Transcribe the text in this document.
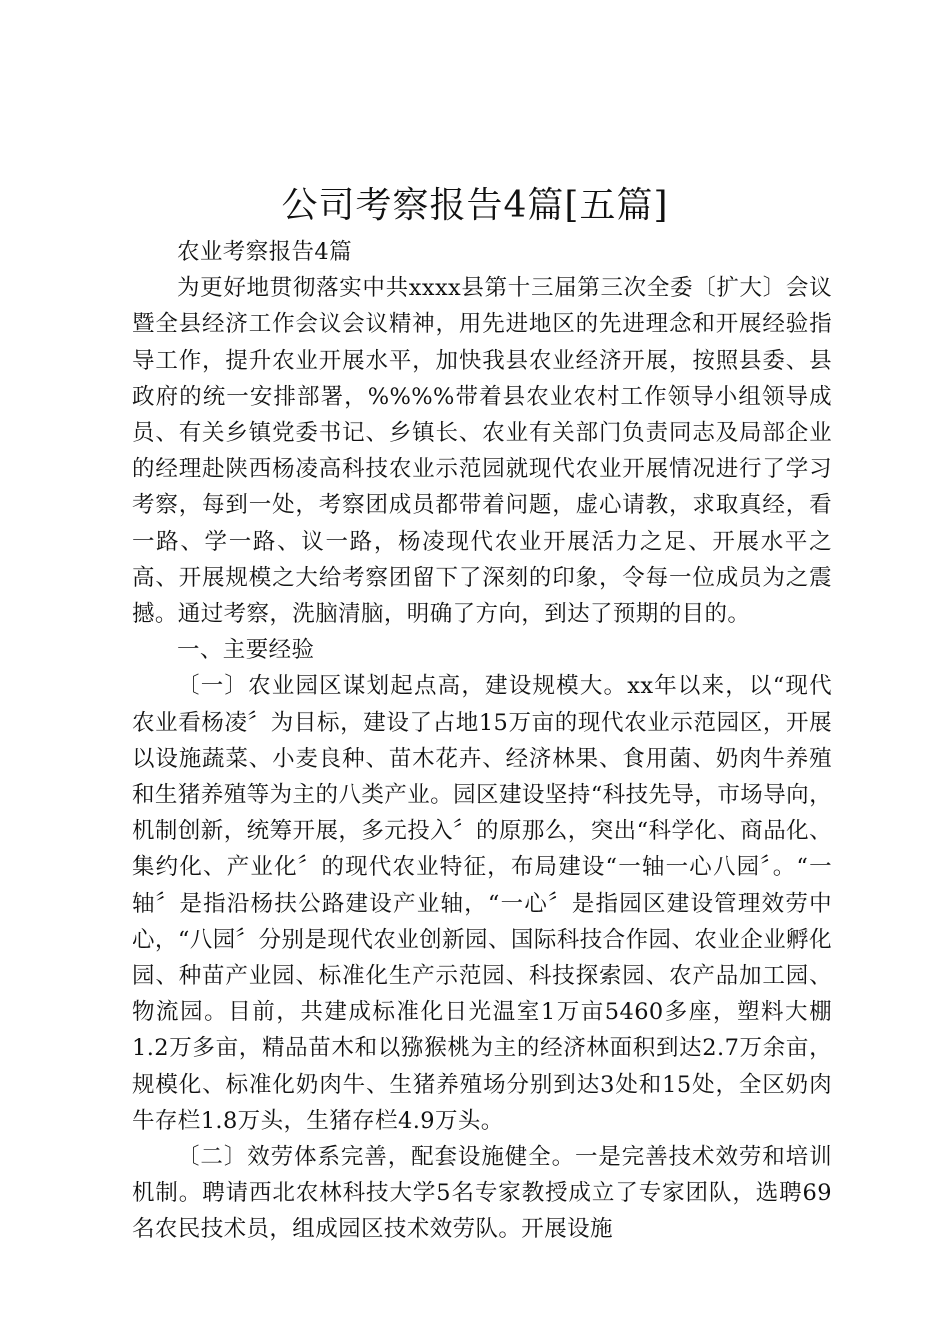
公司考察报告4篇[五篇]

农业考察报告4篇

为更好地贯彻落实中共xxxx县第十三届第三次全委〔扩大〕会议暨全县经济工作会议会议精神，用先进地区的先进理念和开展经验指导工作，提升农业开展水平，加快我县农业经济开展，按照县委、县政府的统一安排部署，%%%%带着县农业农村工作领导小组领导成员、有关乡镇党委书记、乡镇长、农业有关部门负责同志及局部企业的经理赴陕西杨凌高科技农业示范园就现代农业开展情况进行了学习考察，每到一处，考察团成员都带着问题，虚心请教，求取真经，看一路、学一路、议一路，杨凌现代农业开展活力之足、开展水平之高、开展规模之大给考察团留下了深刻的印象，令每一位成员为之震撼。通过考察，洗脑清脑，明确了方向，到达了预期的目的。

一、主要经验

〔一〕农业园区谋划起点高，建设规模大。xx年以来，以“现代农业看杨凌〞为目标，建设了占地15万亩的现代农业示范园区，开展以设施蔬菜、小麦良种、苗木花卉、经济林果、食用菌、奶肉牛养殖和生猪养殖等为主的八类产业。园区建设坚持“科技先导，市场导向，机制创新，统筹开展，多元投入〞的原那么，突出“科学化、商品化、集约化、产业化〞的现代农业特征，布局建设“一轴一心八园〞。“一轴〞是指沿杨扶公路建设产业轴，“一心〞是指园区建设管理效劳中心，“八园〞分别是现代农业创新园、国际科技合作园、农业企业孵化园、种苗产业园、标准化生产示范园、科技探索园、农产品加工园、物流园。目前，共建成标准化日光温室1万亩5460多座，塑料大棚1.2万多亩，精品苗木和以猕猴桃为主的经济林面积到达2.7万余亩，规模化、标准化奶肉牛、生猪养殖场分别到达3处和15处，全区奶肉牛存栏1.8万头，生猪存栏4.9万头。

〔二〕效劳体系完善，配套设施健全。一是完善技术效劳和培训机制。聘请西北农林科技大学5名专家教授成立了专家团队，选聘69名农民技术员，组成园区技术效劳队。开展设施
